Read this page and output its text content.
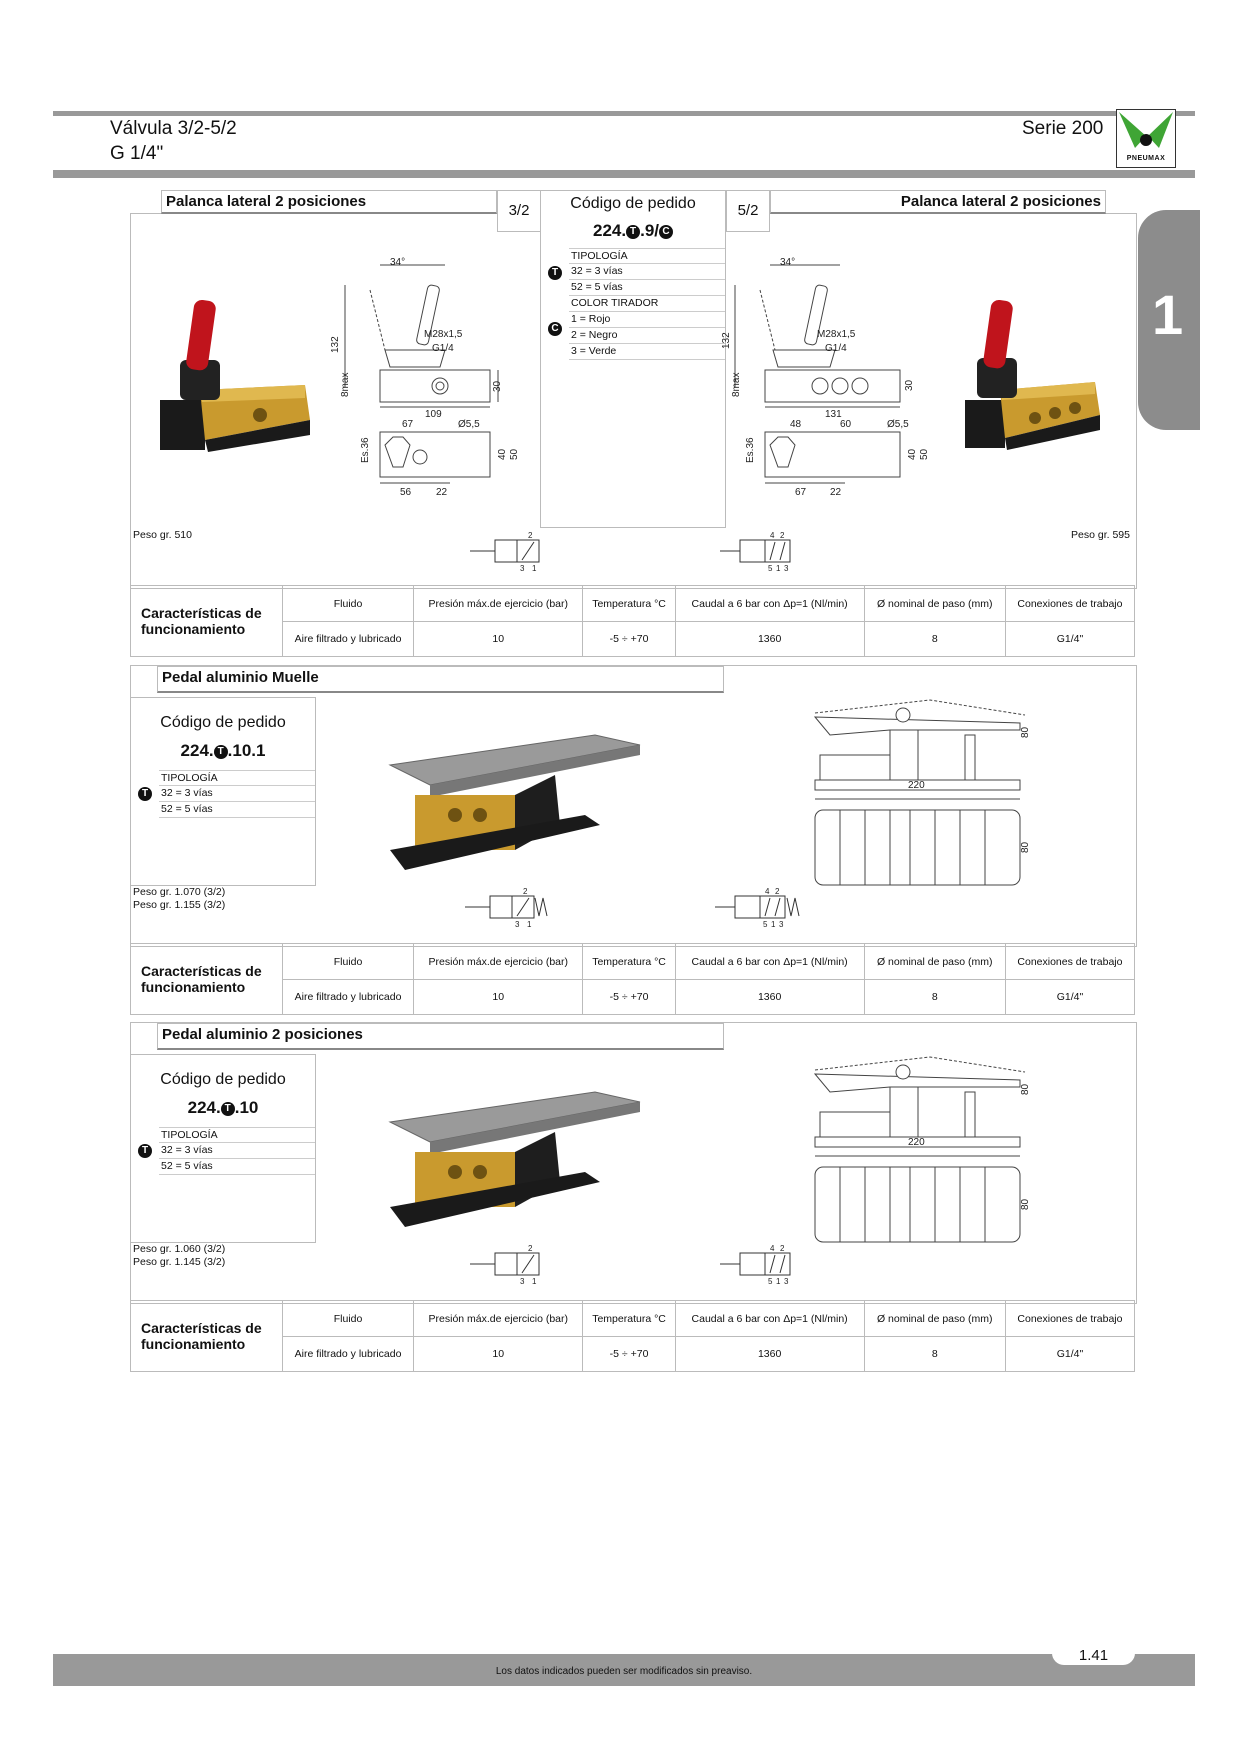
Válvula 3/2-5/2
G 1/4"
Serie 200
PNEUMAX
1
Palanca lateral 2 posiciones	Palanca lateral 2 posiciones
3/2	5/2
Código de pedido
224. T .9/ C
TIPOLOGÍA
32 = 3 vías
52 = 5 vías
COLOR TIRADOR
1 = Rojo
2 = Negro
3 = Verde
T
C
34°
132
M28x1,5
G1/4
8max	30
109
67	Ø5,5
Es.36	40 50
56 22
34°
132	M28x1,5
G1/4
8max	30
131
48	60	Ø5,5
Es.36	40 50
67 22
Peso gr. 510	Peso gr. 595
2
3 1
4 2
5 1 3
Características de funcionamiento	Fluido	Presión máx.de ejercicio (bar)	Temperatura °C	Caudal a 6 bar con Δp=1 (Nl/min)	Ø nominal de paso (mm)	Conexiones de trabajo
	Aire filtrado y lubricado	10	-5 ÷ +70	1360	8	G1/4"
Pedal aluminio Muelle
Código de pedido
224. T .10.1
TIPOLOGÍA
32 = 3 vías
52 = 5 vías
T
80
220
80
Peso gr. 1.070 (3/2)
Peso gr. 1.155 (3/2)
2
3 1
4 2
5 1 3
Características de funcionamiento	Fluido	Presión máx.de ejercicio (bar)	Temperatura °C	Caudal a 6 bar con Δp=1 (Nl/min)	Ø nominal de paso (mm)	Conexiones de trabajo
	Aire filtrado y lubricado	10	-5 ÷ +70	1360	8	G1/4"
Pedal aluminio 2 posiciones
Código de pedido
224. T .10
TIPOLOGÍA
32 = 3 vías
52 = 5 vías
T
80
220
80
Peso gr. 1.060 (3/2)
Peso gr. 1.145 (3/2)
2
3 1
4 2
5 1 3
Características de funcionamiento	Fluido	Presión máx.de ejercicio (bar)	Temperatura °C	Caudal a 6 bar con Δp=1 (Nl/min)	Ø nominal de paso (mm)	Conexiones de trabajo
	Aire filtrado y lubricado	10	-5 ÷ +70	1360	8	G1/4"
Los datos indicados pueden ser modificados sin preaviso.
1.41
